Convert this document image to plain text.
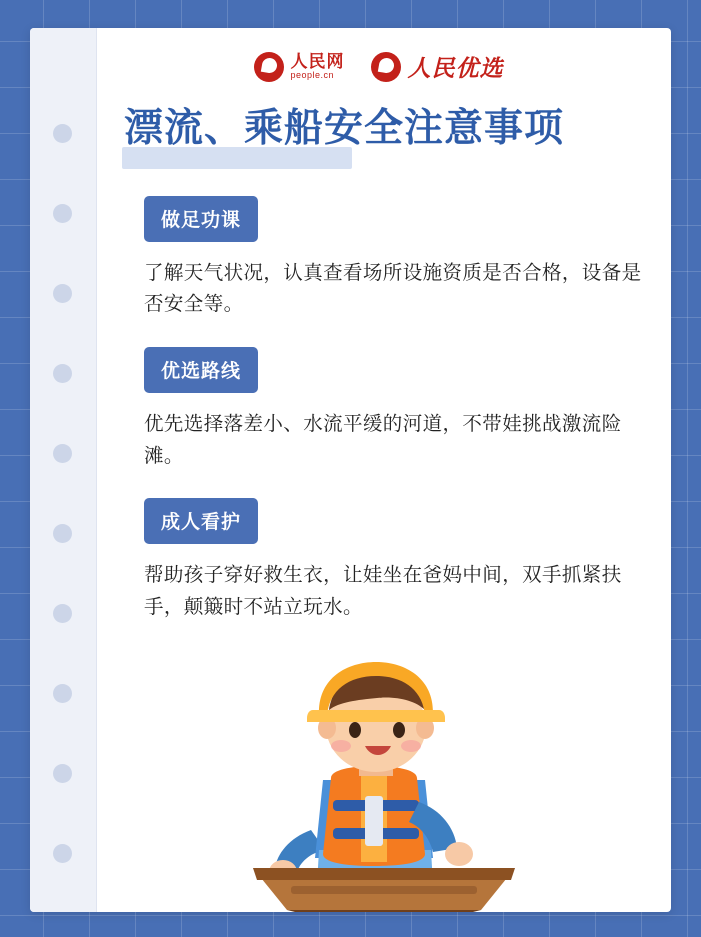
人民网
people.cn	人民优选
漂流、乘船安全注意事项
做足功课
了解天气状况，认真查看场所设施资质是否合格，设备是否安全等。
优选路线
优先选择落差小、水流平缓的河道，不带娃挑战激流险滩。
成人看护
帮助孩子穿好救生衣，让娃坐在爸妈中间，双手抓紧扶手，颠簸时不站立玩水。
